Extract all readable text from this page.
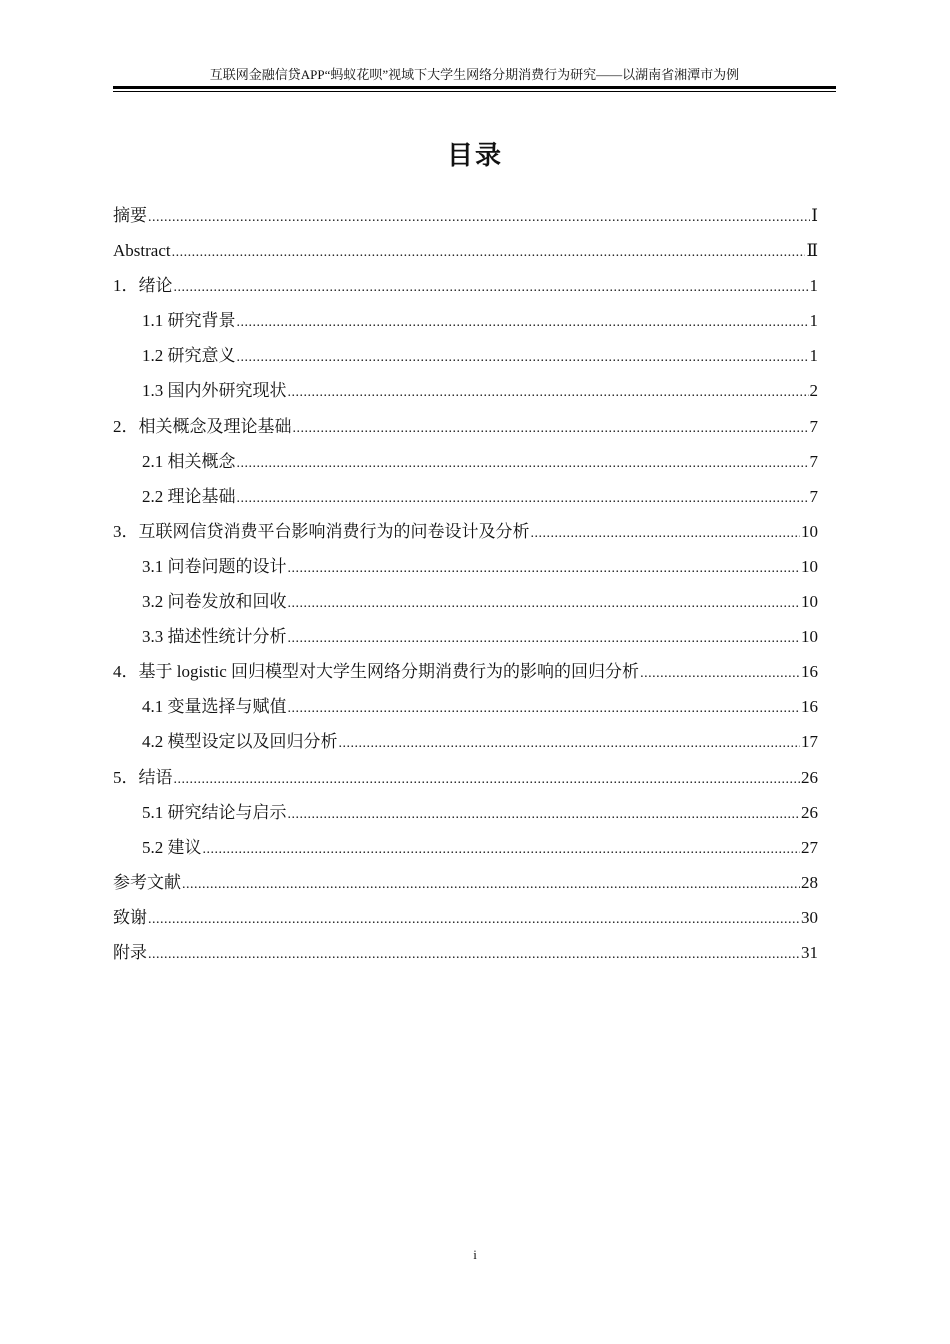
互联网金融信贷APP“蚂蚁花呗”视域下大学生网络分期消费行为研究——以湖南省湘潭市为例
目录
摘要 .....	Ⅰ
Abstract .....	Ⅱ
1．绪论 .....	1
1.1 研究背景 .....	1
1.2 研究意义 .....	1
1.3 国内外研究现状 .....	2
2．相关概念及理论基础 .....	7
2.1 相关概念 .....	7
2.2 理论基础 .....	7
3．互联网信贷消费平台影响消费行为的问卷设计及分析 .....	10
3.1 问卷问题的设计 .....	10
3.2 问卷发放和回收 .....	10
3.3 描述性统计分析 .....	10
4．基于 logistic 回归模型对大学生网络分期消费行为的影响的回归分析 .....	16
4.1 变量选择与赋值 .....	16
4.2 模型设定以及回归分析 .....	17
5．结语 .....	26
5.1 研究结论与启示 .....	26
5.2 建议 .....	27
参考文献 .....	28
致谢 .....	30
附录 .....	31
i
